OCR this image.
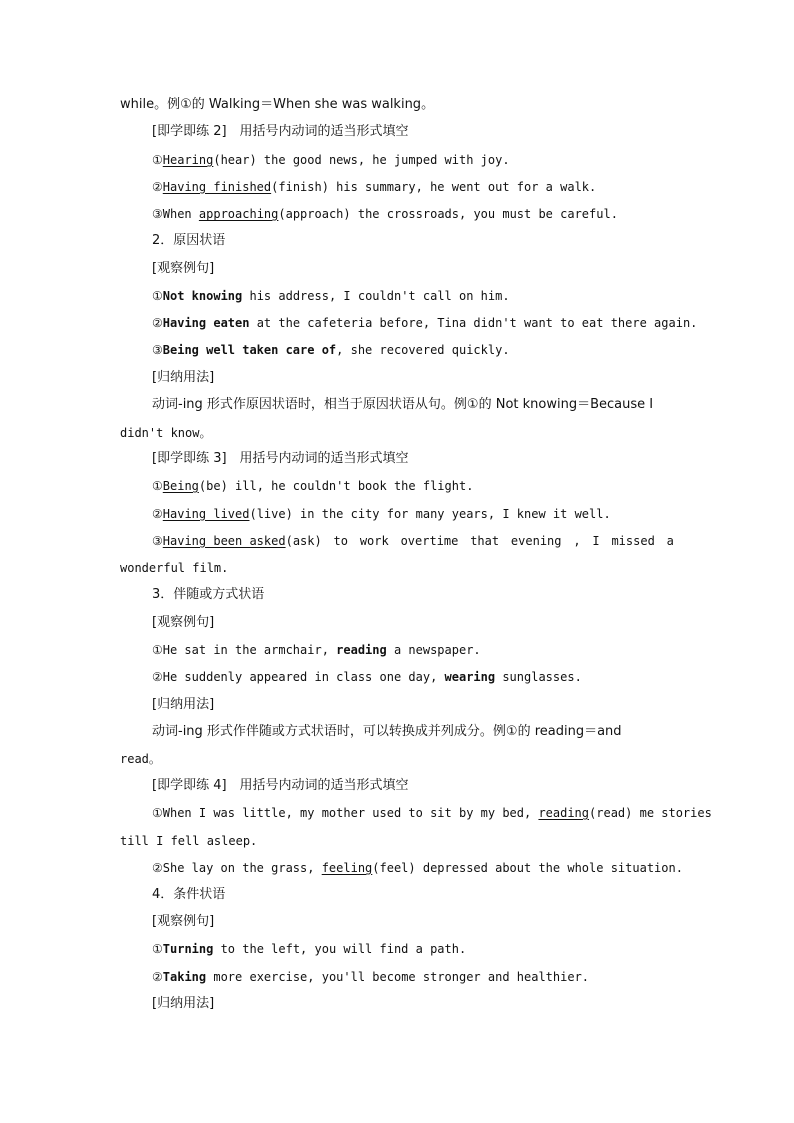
while。例①的 Walking＝When she was walking。
[即学即练 2]　用括号内动词的适当形式填空
①Hearing(hear) the good news, he jumped with joy.
②Having finished(finish) his summary, he went out for a walk.
③When approaching(approach) the crossroads, you must be careful.
2．原因状语
[观察例句]
①Not knowing his address, I couldn't call on him.
②Having eaten at the cafeteria before, Tina didn't want to eat there again.
③Being well taken care of, she recovered quickly.
[归纳用法]
动词-ing 形式作原因状语时，相当于原因状语从句。例①的 Not knowing＝Because I
didn't know。
[即学即练 3]　用括号内动词的适当形式填空
①Being(be) ill, he couldn't book the flight.
②Having lived(live) in the city for many years, I knew it well.
③Having been asked(ask) to work overtime that evening , I missed a
wonderful film.
3．伴随或方式状语
[观察例句]
①He sat in the armchair, reading a newspaper.
②He suddenly appeared in class one day, wearing sunglasses.
[归纳用法]
动词-ing 形式作伴随或方式状语时，可以转换成并列成分。例①的 reading＝and
read。
[即学即练 4]　用括号内动词的适当形式填空
①When I was little, my mother used to sit by my bed, reading(read) me stories
till I fell asleep.
②She lay on the grass, feeling(feel) depressed about the whole situation.
4．条件状语
[观察例句]
①Turning to the left, you will find a path.
②Taking more exercise, you'll become stronger and healthier.
[归纳用法]
